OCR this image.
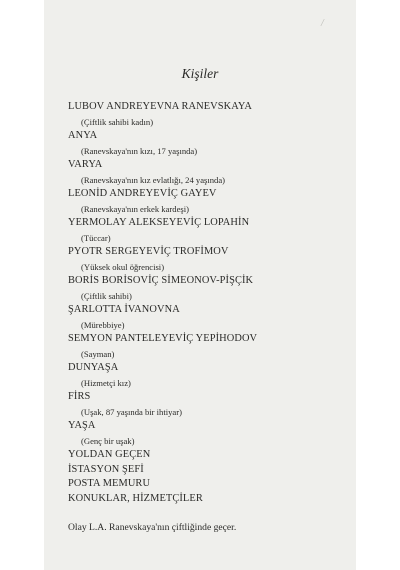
/
Kişiler
LUBOV ANDREYEVNA RANEVSKAYA
(Çiftlik sahibi kadın)
ANYA
(Ranevskaya'nın kızı, 17 yaşında)
VARYA
(Ranevskaya'nın kız evlatlığı, 24 yaşında)
LEONİD ANDREYEVİÇ GAYEV
(Ranevskaya'nın erkek kardeşi)
YERMOLAY ALEKSEYEVİÇ LOPAHİN
(Tüccar)
PYOTR SERGEYEVİÇ TROFİMOV
(Yüksek okul öğrencisi)
BORİS BORİSOVİÇ SİMEONOV-PİŞÇİK
(Çiftlik sahibi)
ŞARLOTTA İVANOVNA
(Mürebbiye)
SEMYON PANTELEYEVİÇ YEPİHODOV
(Sayman)
DUNYAŞA
(Hizmetçi kız)
FİRS
(Uşak, 87 yaşında bir ihtiyar)
YAŞA
(Genç bir uşak)
YOLDAN GEÇEN
İSTASYON ŞEFİ
POSTA MEMURU
KONUKLAR, HİZMETÇİLER
Olay L.A. Ranevskaya'nın çiftliğinde geçer.
